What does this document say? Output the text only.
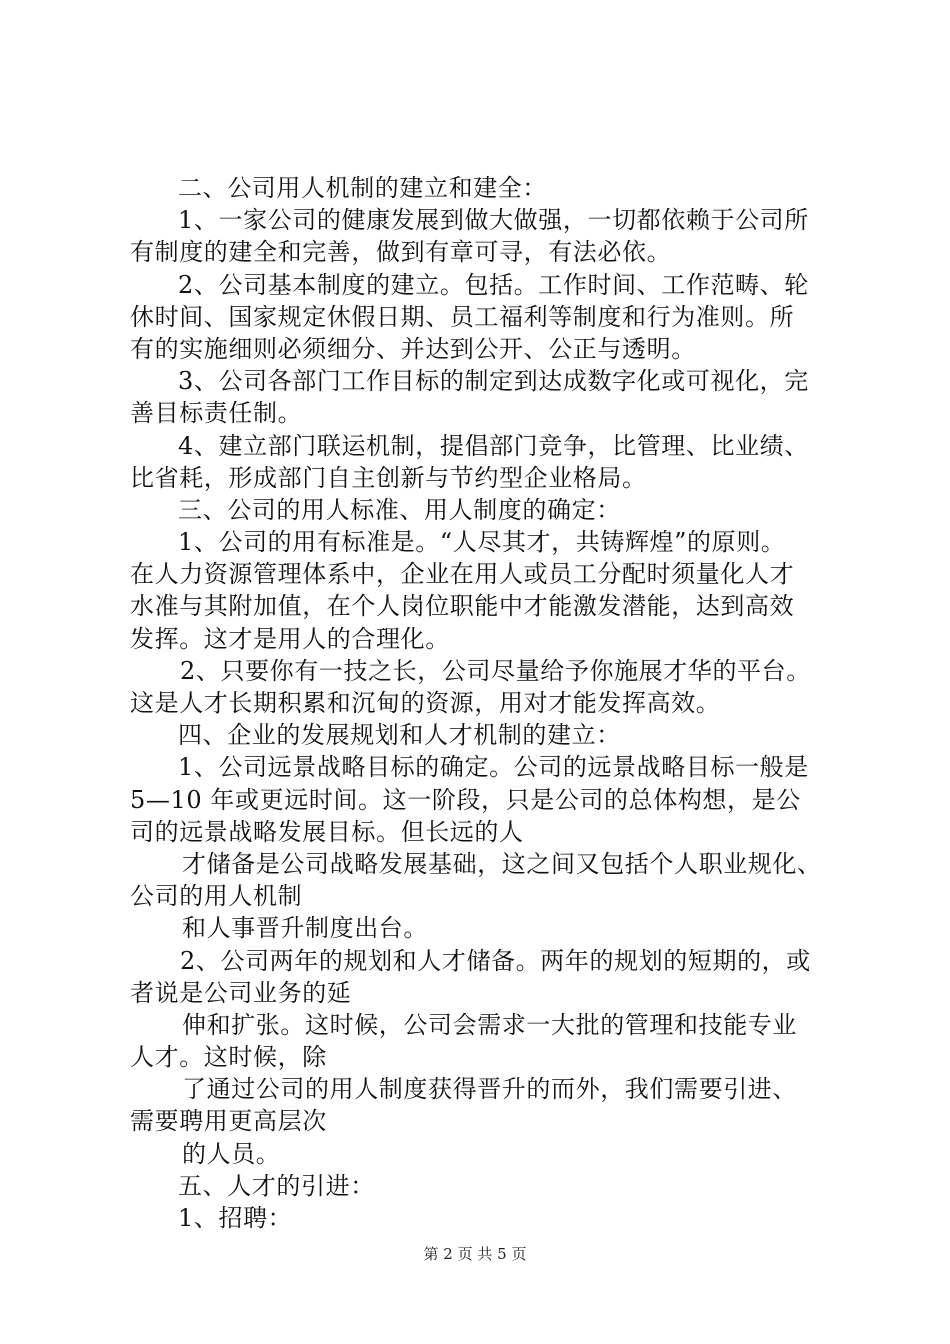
二、公司用人机制的建立和建全：
1、一家公司的健康发展到做大做强，一切都依赖于公司所
有制度的建全和完善，做到有章可寻，有法必依。
2、公司基本制度的建立。包括。工作时间、工作范畴、轮
休时间、国家规定休假日期、员工福利等制度和行为准则。所
有的实施细则必须细分、并达到公开、公正与透明。
3、公司各部门工作目标的制定到达成数字化或可视化，完
善目标责任制。
4、建立部门联运机制，提倡部门竞争，比管理、比业绩、
比省耗，形成部门自主创新与节约型企业格局。
三、公司的用人标准、用人制度的确定：
1、公司的用有标准是。“人尽其才，共铸辉煌”的原则。
在人力资源管理体系中，企业在用人或员工分配时须量化人才
水准与其附加值，在个人岗位职能中才能激发潜能，达到高效
发挥。这才是用人的合理化。
2、只要你有一技之长，公司尽量给予你施展才华的平台。
这是人才长期积累和沉甸的资源，用对才能发挥高效。
四、企业的发展规划和人才机制的建立：
1、公司远景战略目标的确定。公司的远景战略目标一般是
5—10 年或更远时间。这一阶段，只是公司的总体构想，是公
司的远景战略发展目标。但长远的人
才储备是公司战略发展基础，这之间又包括个人职业规化、
公司的用人机制
和人事晋升制度出台。
2、公司两年的规划和人才储备。两年的规划的短期的，或
者说是公司业务的延
伸和扩张。这时候，公司会需求一大批的管理和技能专业
人才。这时候，除
了通过公司的用人制度获得晋升的而外，我们需要引进、
需要聘用更高层次
的人员。
五、人才的引进：
1、招聘：
第 2 页 共 5 页
